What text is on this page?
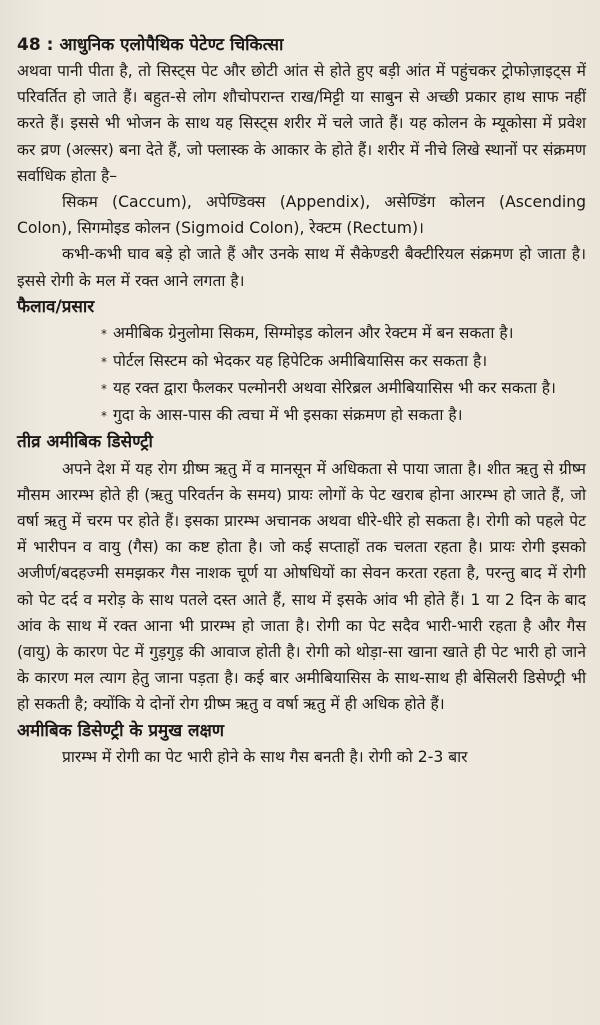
48 : आधुनिक एलोपैथिक पेटेण्ट चिकित्सा

अथवा पानी पीता है, तो सिस्ट्स पेट और छोटी आंत से होते हुए बड़ी आंत में पहुंचकर ट्रोफोज़ाइट्स में परिवर्तित हो जाते हैं। बहुत-से लोग शौचोपरान्त राख/मिट्टी या साबुन से अच्छी प्रकार हाथ साफ नहीं करते हैं। इससे भी भोजन के साथ यह सिस्ट्स शरीर में चले जाते हैं। यह कोलन के म्यूकोसा में प्रवेश कर व्रण (अल्सर) बना देते हैं, जो फ्लास्क के आकार के होते हैं। शरीर में नीचे लिखे स्थानों पर संक्रमण सर्वाधिक होता है–

सिकम (Caccum), अपेण्डिक्स (Appendix), असेण्डिंग कोलन (Ascending Colon), सिगमोइड कोलन (Sigmoid Colon), रेक्टम (Rectum)।

कभी-कभी घाव बड़े हो जाते हैं और उनके साथ में सैकेण्डरी बैक्टीरियल संक्रमण हो जाता है। इससे रोगी के मल में रक्त आने लगता है।

फैलाव/प्रसार

* अमीबिक ग्रेनुलोमा सिकम, सिग्मोइड कोलन और रेक्टम में बन सकता है।

* पोर्टल सिस्टम को भेदकर यह हिपेटिक अमीबियासिस कर सकता है।

* यह रक्त द्वारा फैलकर पल्मोनरी अथवा सेरिब्रल अमीबियासिस भी कर सकता है।

* गुदा के आस-पास की त्वचा में भी इसका संक्रमण हो सकता है।

तीव्र अमीबिक डिसेण्ट्री

अपने देश में यह रोग ग्रीष्म ऋतु में व मानसून में अधिकता से पाया जाता है। शीत ऋतु से ग्रीष्म मौसम आरम्भ होते ही (ऋतु परिवर्तन के समय) प्रायः लोगों के पेट खराब होना आरम्भ हो जाते हैं, जो वर्षा ऋतु में चरम पर होते हैं। इसका प्रारम्भ अचानक अथवा धीरे-धीरे हो सकता है। रोगी को पहले पेट में भारीपन व वायु (गैस) का कष्ट होता है। जो कई सप्ताहों तक चलता रहता है। प्रायः रोगी इसको अजीर्ण/बदहज्मी समझकर गैस नाशक चूर्ण या ओषधियों का सेवन करता रहता है, परन्तु बाद में रोगी को पेट दर्द व मरोड़ के साथ पतले दस्त आते हैं, साथ में इसके आंव भी होते हैं। 1 या 2 दिन के बाद आंव के साथ में रक्त आना भी प्रारम्भ हो जाता है। रोगी का पेट सदैव भारी-भारी रहता है और गैस (वायु) के कारण पेट में गुड़गुड़ की आवाज होती है। रोगी को थोड़ा-सा खाना खाते ही पेट भारी हो जाने के कारण मल त्याग हेतु जाना पड़ता है। कई बार अमीबियासिस के साथ-साथ ही बेसिलरी डिसेण्ट्री भी हो सकती है; क्योंकि ये दोनों रोग ग्रीष्म ऋतु व वर्षा ऋतु में ही अधिक होते हैं।

अमीबिक डिसेण्ट्री के प्रमुख लक्षण

प्रारम्भ में रोगी का पेट भारी होने के साथ गैस बनती है। रोगी को 2-3 बार
